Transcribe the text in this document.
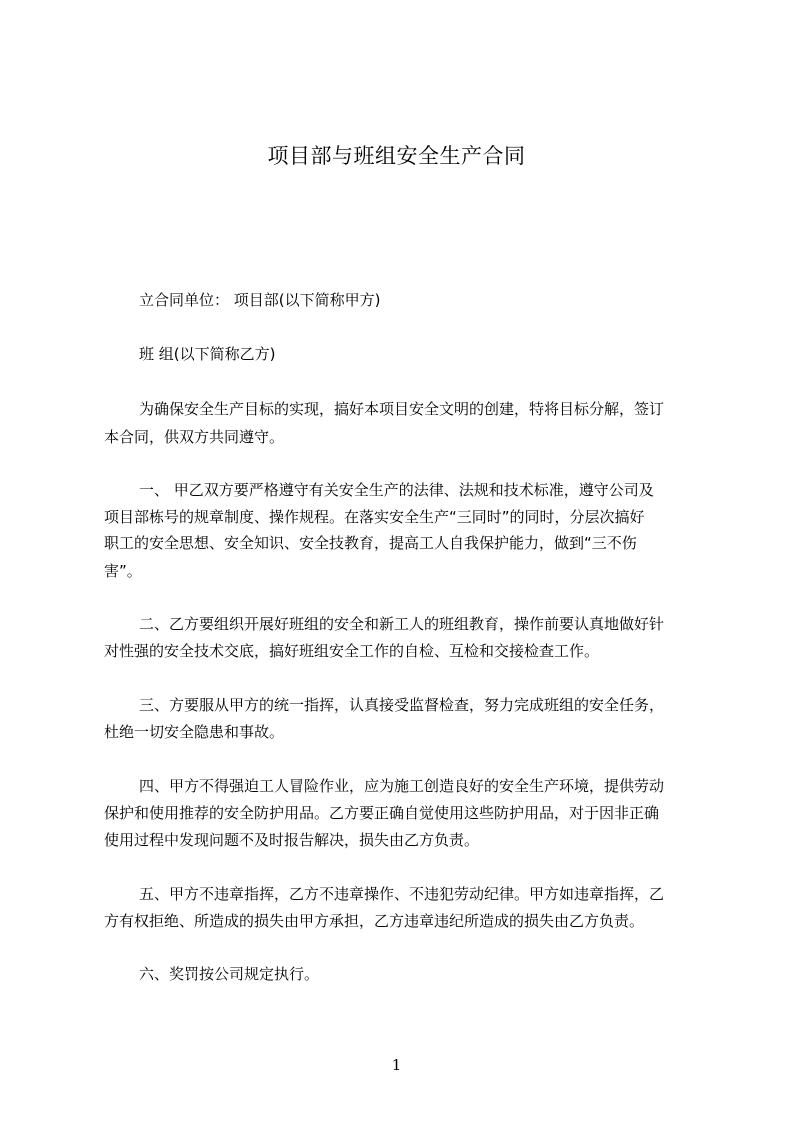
项目部与班组安全生产合同
立合同单位： 项目部(以下简称甲方)
班 组(以下简称乙方)
为确保安全生产目标的实现，搞好本项目安全文明的创建，特将目标分解，签订
本合同，供双方共同遵守。
一、 甲乙双方要严格遵守有关安全生产的法律、法规和技术标准，遵守公司及
项目部栋号的规章制度、操作规程。在落实安全生产“三同时”的同时，分层次搞好
职工的安全思想、安全知识、安全技教育，提高工人自我保护能力，做到“三不伤
害”。
二、乙方要组织开展好班组的安全和新工人的班组教育，操作前要认真地做好针
对性强的安全技术交底，搞好班组安全工作的自检、互检和交接检查工作。
三、方要服从甲方的统一指挥，认真接受监督检查，努力完成班组的安全任务，
杜绝一切安全隐患和事故。
四、甲方不得强迫工人冒险作业，应为施工创造良好的安全生产环境，提供劳动
保护和使用推荐的安全防护用品。乙方要正确自觉使用这些防护用品，对于因非正确
使用过程中发现问题不及时报告解决，损失由乙方负责。
五、甲方不违章指挥，乙方不违章操作、不违犯劳动纪律。甲方如违章指挥，乙
方有权拒绝、所造成的损失由甲方承担，乙方违章违纪所造成的损失由乙方负责。
六、奖罚按公司规定执行。
1
